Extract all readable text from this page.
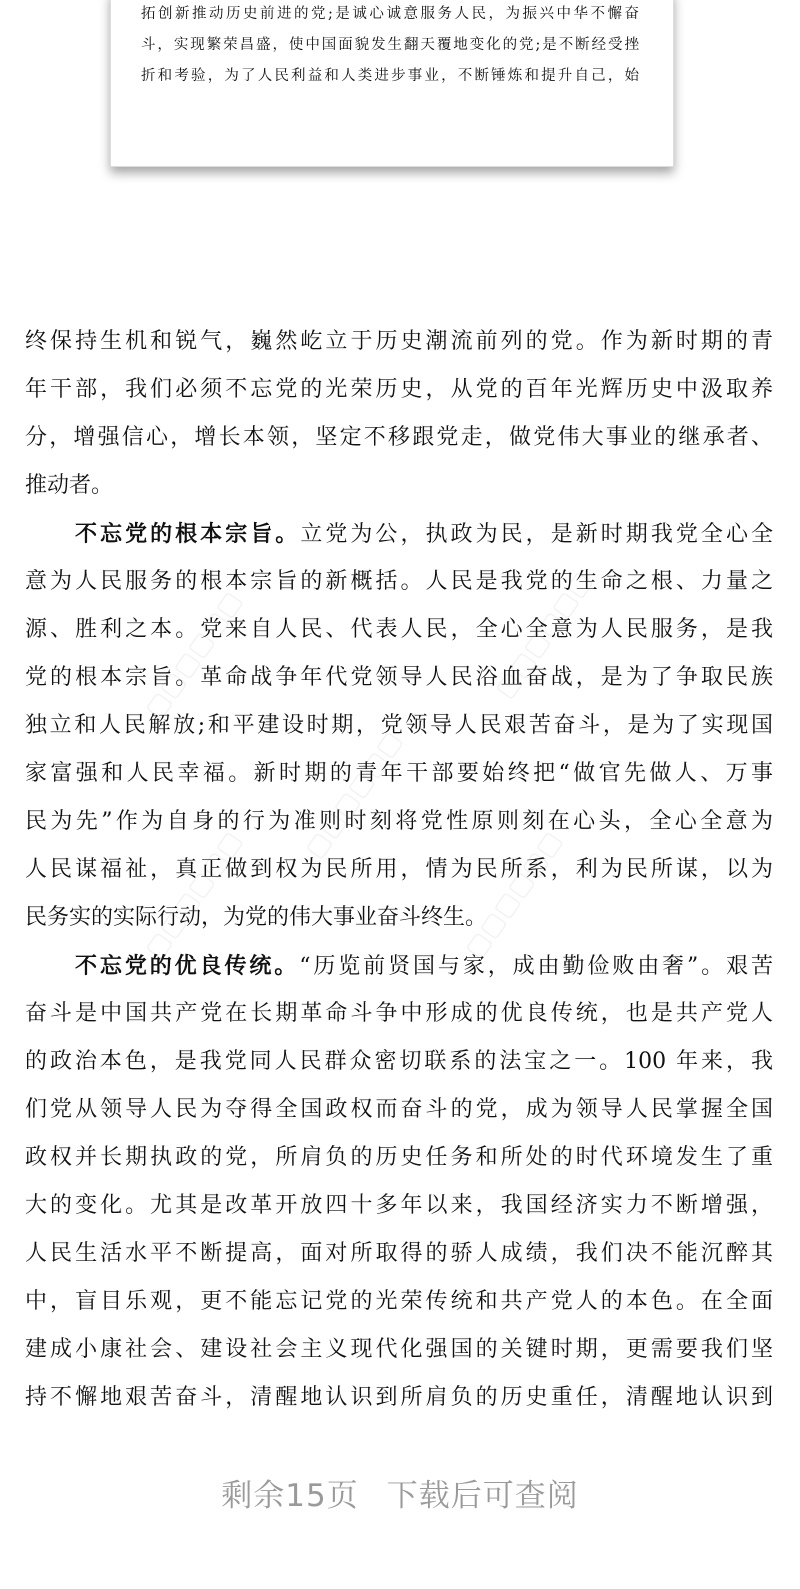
拓创新推动历史前进的党;是诚心诚意服务人民，为振兴中华不懈奋
斗，实现繁荣昌盛，使中国面貌发生翻天覆地变化的党;是不断经受挫
折和考验，为了人民利益和人类进步事业，不断锤炼和提升自己，始
▢▢▢▢▢▢	▢▢▢▢▢▢
▢▢▢▢▢▢
▢▢▢▢▢▢	▢▢▢▢▢▢
终保持生机和锐气，巍然屹立于历史潮流前列的党。作为新时期的青
年干部，我们必须不忘党的光荣历史，从党的百年光辉历史中汲取养
分，增强信心，增长本领，坚定不移跟党走，做党伟大事业的继承者、
推动者。
不忘党的根本宗旨。立党为公，执政为民，是新时期我党全心全
意为人民服务的根本宗旨的新概括。人民是我党的生命之根、力量之
源、胜利之本。党来自人民、代表人民，全心全意为人民服务，是我
党的根本宗旨。革命战争年代党领导人民浴血奋战，是为了争取民族
独立和人民解放;和平建设时期，党领导人民艰苦奋斗，是为了实现国
家富强和人民幸福。新时期的青年干部要始终把“做官先做人、万事
民为先”作为自身的行为准则时刻将党性原则刻在心头，全心全意为
人民谋福祉，真正做到权为民所用，情为民所系，利为民所谋，以为
民务实的实际行动，为党的伟大事业奋斗终生。
不忘党的优良传统。“历览前贤国与家，成由勤俭败由奢”。艰苦
奋斗是中国共产党在长期革命斗争中形成的优良传统，也是共产党人
的政治本色，是我党同人民群众密切联系的法宝之一。100 年来，我
们党从领导人民为夺得全国政权而奋斗的党，成为领导人民掌握全国
政权并长期执政的党，所肩负的历史任务和所处的时代环境发生了重
大的变化。尤其是改革开放四十多年以来，我国经济实力不断增强，
人民生活水平不断提高，面对所取得的骄人成绩，我们决不能沉醉其
中，盲目乐观，更不能忘记党的光荣传统和共产党人的本色。在全面
建成小康社会、建设社会主义现代化强国的关键时期，更需要我们坚
持不懈地艰苦奋斗，清醒地认识到所肩负的历史重任，清醒地认识到
剩余15页 下载后可查阅
